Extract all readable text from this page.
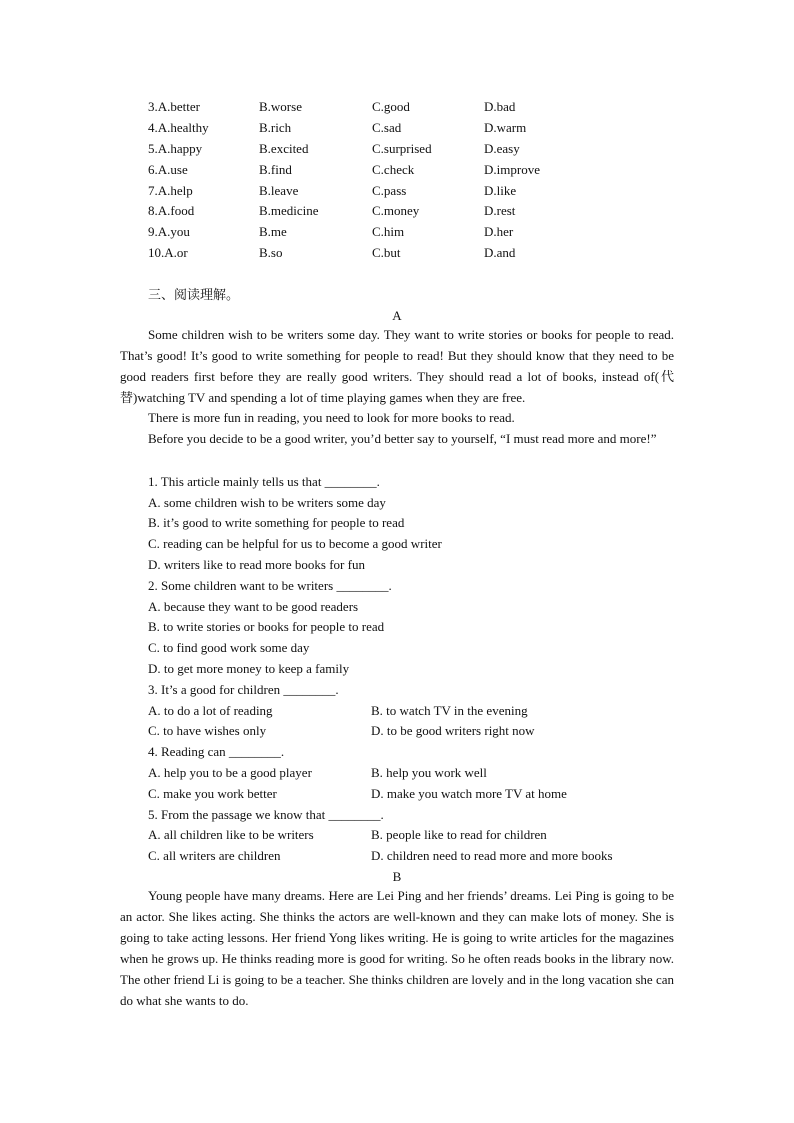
3.A.better	B.worse	C.good	D.bad
4.A.healthy	B.rich	C.sad	D.warm
5.A.happy	B.excited	C.surprised	D.easy
6.A.use	B.find	C.check	D.improve
7.A.help	B.leave	C.pass	D.like
8.A.food	B.medicine	C.money	D.rest
9.A.you	B.me	C.him	D.her
10.A.or	B.so	C.but	D.and
三、阅读理解。
A

Some children wish to be writers some day. They want to write stories or books for people to read. That’s good! It’s good to write something for people to read! But they should know that they need to be good readers first before they are really good writers. They should read a lot of books, instead of(代替)watching TV and spending a lot of time playing games when they are free.

There is more fun in reading, you need to look for more books to read.

Before you decide to be a good writer, you’d better say to yourself, “I must read more and more!”

1. This article mainly tells us that ________.
A. some children wish to be writers some day
B. it’s good to write something for people to read
C. reading can be helpful for us to become a good writer
D. writers like to read more books for fun
2. Some children want to be writers ________.
A. because they want to be good readers
B. to write stories or books for people to read
C. to find good work some day
D. to get more money to keep a family
3. It’s a good for children ________.
A. to do a lot of reading	B. to watch TV in the evening
C. to have wishes only	D. to be good writers right now
4. Reading can ________.
A. help you to be a good player	B. help you work well
C. make you work better	D. make you watch more TV at home
5. From the passage we know that ________.
A. all children like to be writers	B. people like to read for children
C. all writers are children	D. children need to read more and more books
B

Young people have many dreams. Here are Lei Ping and her friends’ dreams. Lei Ping is going to be an actor. She likes acting. She thinks the actors are well-known and they can make lots of money. She is going to take acting lessons. Her friend Yong likes writing. He is going to write articles for the magazines when he grows up. He thinks reading more is good for writing. So he often reads books in the library now. The other friend Li is going to be a teacher. She thinks children are lovely and in the long vacation she can do what she wants to do.
